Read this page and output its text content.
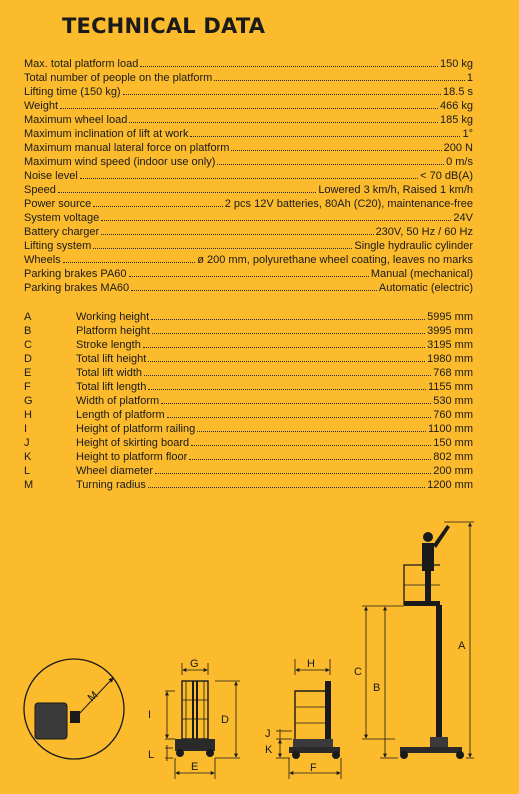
TECHNICAL DATA
Max. total platform load	150 kg
Total number of people on the platform	1
Lifting time (150 kg)	18.5 s
Weight	466 kg
Maximum wheel load	185 kg
Maximum inclination of lift at work	1°
Maximum manual lateral force on platform	200 N
Maximum wind speed (indoor use only)	0 m/s
Noise level	< 70 dB(A)
Speed	Lowered 3 km/h, Raised 1 km/h
Power source	2 pcs 12V batteries, 80Ah (C20), maintenance-free
System voltage	24V
Battery charger	230V, 50 Hz / 60 Hz
Lifting system	Single hydraulic cylinder
Wheels	ø 200 mm, polyurethane wheel coating, leaves no marks
Parking brakes PA60	Manual (mechanical)
Parking brakes MA60	Automatic (electric)
A	Working height	5995 mm
B	Platform height	3995 mm
C	Stroke length	3195 mm
D	Total lift height	1980 mm
E	Total lift width	768 mm
F	Total lift length	1155 mm
G	Width of platform	530 mm
H	Length of platform	760 mm
I	Height of platform railing	1100 mm
J	Height of skirting board	150 mm
K	Height to platform floor	802 mm
L	Wheel diameter	200 mm
M	Turning radius	1200 mm
M
G
I
L
D
E
H
J
K
F
C
B
A
